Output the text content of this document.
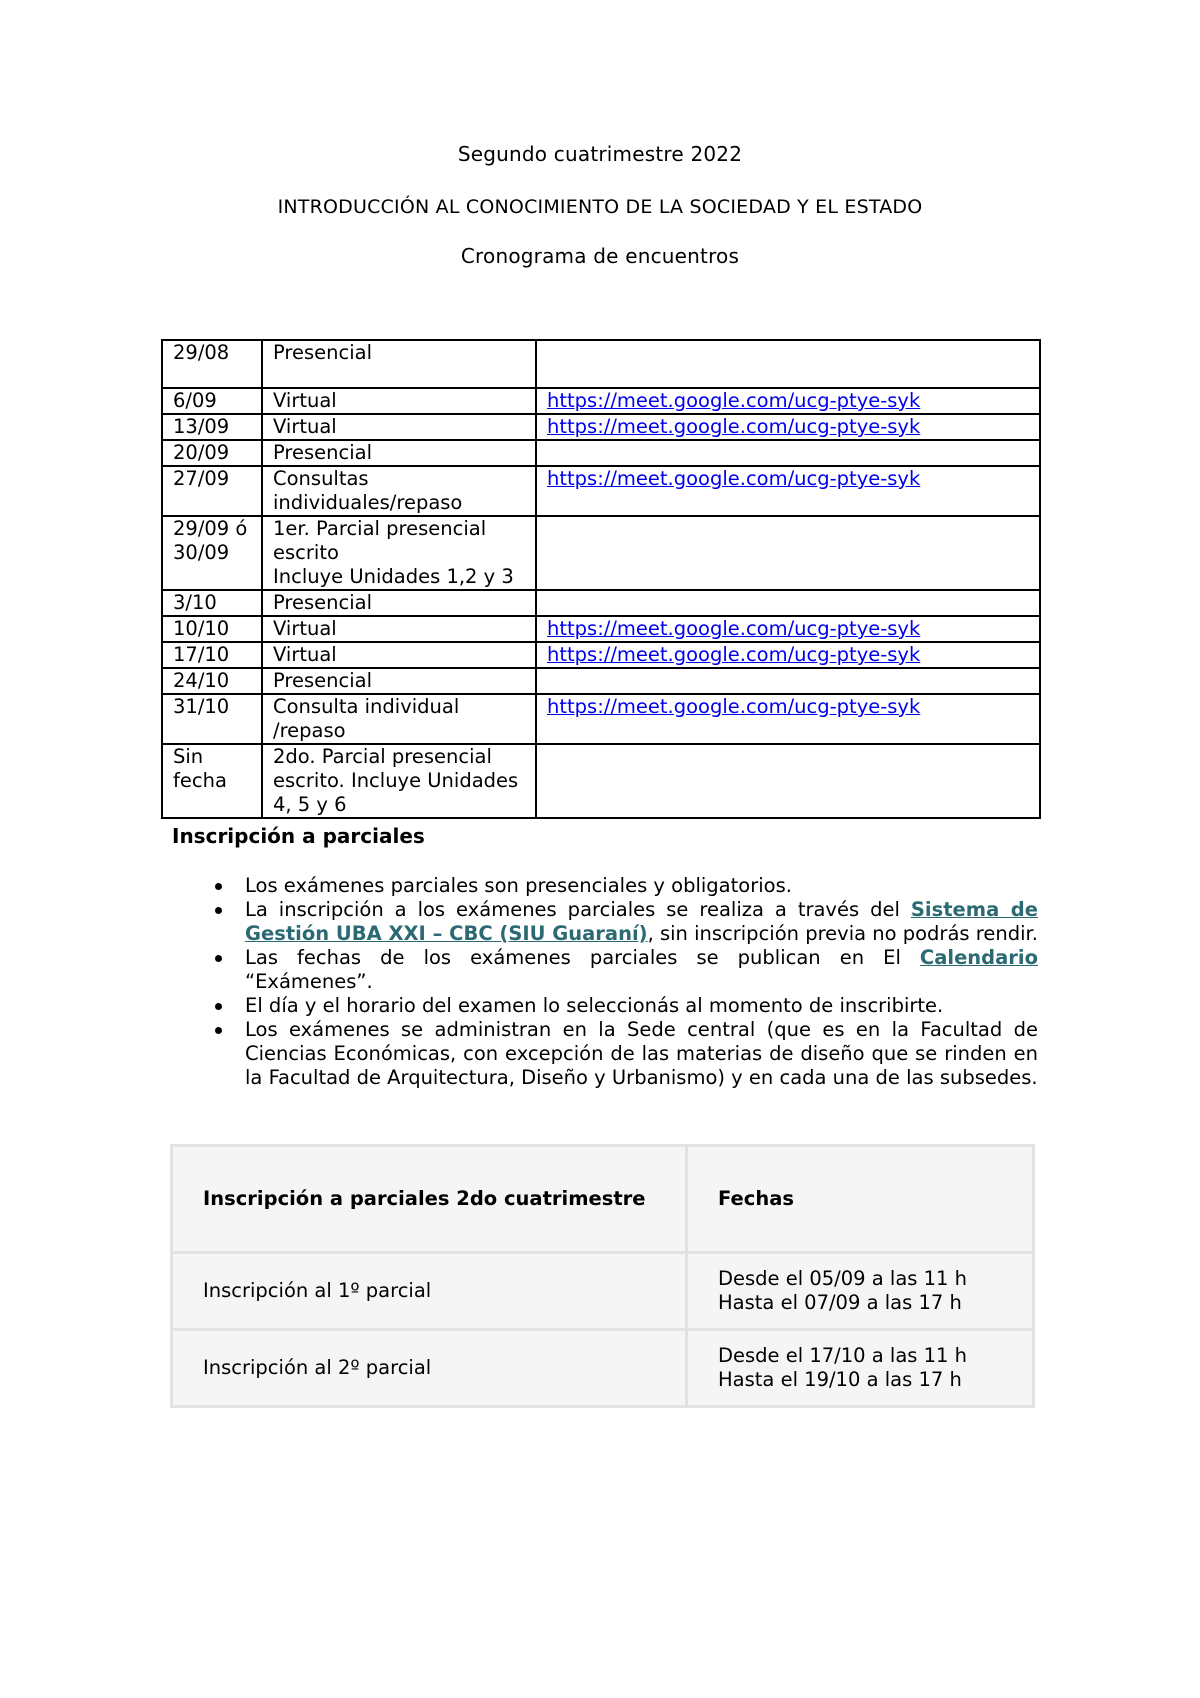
Segundo cuatrimestre 2022
INTRODUCCIÓN AL CONOCIMIENTO DE LA SOCIEDAD Y EL ESTADO
Cronograma de encuentros
29/08	Presencial	
6/09	Virtual	https://meet.google.com/ucg-ptye-syk
13/09	Virtual	https://meet.google.com/ucg-ptye-syk
20/09	Presencial	
27/09	Consultas individuales/repaso	https://meet.google.com/ucg-ptye-syk
29/09 ó 30/09	1er. Parcial presencial escrito
Incluye Unidades 1,2 y 3	

3/10	Presencial	
10/10	Virtual	https://meet.google.com/ucg-ptye-syk
17/10	Virtual	https://meet.google.com/ucg-ptye-syk
24/10	Presencial	
31/10	Consulta individual /repaso	https://meet.google.com/ucg-ptye-syk
Sin fecha	2do. Parcial presencial escrito. Incluye Unidades 4, 5 y 6	
Inscripción a parciales
Los exámenes parciales son presenciales y obligatorios.
La inscripción a los exámenes parciales se realiza a través del Sistema de Gestión UBA XXI – CBC (SIU Guaraní), sin inscripción previa no podrás rendir.
Las fechas de los exámenes parciales se publican en El Calendario “Exámenes”.
El día y el horario del examen lo seleccionás al momento de inscribirte.
Los exámenes se administran en la Sede central (que es en la Facultad de Ciencias Económicas, con excepción de las materias de diseño que se rinden en la Facultad de Arquitectura, Diseño y Urbanismo) y en cada una de las subsedes.
Inscripción a parciales 2do cuatrimestre	Fechas
Inscripción al 1º parcial	Desde el 05/09 a las 11 h
Hasta el 07/09 a las 17 h

Inscripción al 2º parcial	Desde el 17/10 a las 11 h
Hasta el 19/10 a las 17 h
